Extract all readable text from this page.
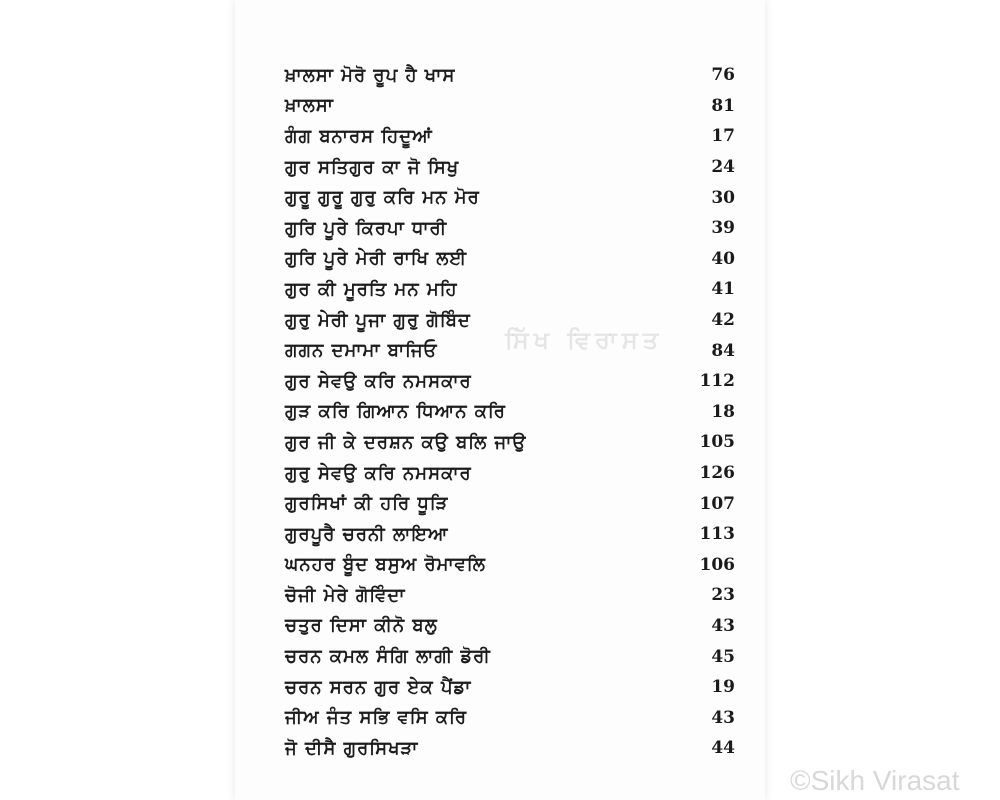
ਖ਼ਾਲਸਾ ਮੋਰੋ ਰੂਪ ਹੈ ਖਾਸ	76
ਖ਼ਾਲਸਾ	81
ਗੰਗ ਬਨਾਰਸ ਹਿਦੂਆਂ	17
ਗੁਰ ਸਤਿਗੁਰ ਕਾ ਜੋ ਸਿਖੁ	24
ਗੁਰੂ ਗੁਰੂ ਗੁਰੁ ਕਰਿ ਮਨ ਮੋਰ	30
ਗੁਰਿ ਪੂਰੇ ਕਿਰਪਾ ਧਾਰੀ	39
ਗੁਰਿ ਪੂਰੇ ਮੇਰੀ ਰਾਖਿ ਲਈ	40
ਗੁਰ ਕੀ ਮੂਰਤਿ ਮਨ ਮਹਿ	41
ਗੁਰੁ ਮੇਰੀ ਪੂਜਾ ਗੁਰੁ ਗੋਬਿੰਦ	42
ਗਗਨ ਦਮਾਮਾ ਬਾਜਿਓ	84
ਗੁਰ ਸੇਵਉ ਕਰਿ ਨਮਸਕਾਰ	112
ਗੁੜ ਕਰਿ ਗਿਆਨ ਧਿਆਨ ਕਰਿ	18
ਗੁਰ ਜੀ ਕੇ ਦਰਸ਼ਨ ਕਉ ਬਲਿ ਜਾਉ	105
ਗੁਰੁ ਸੇਵਉ ਕਰਿ ਨਮਸਕਾਰ	126
ਗੁਰਸਿਖਾਂ ਕੀ ਹਰਿ ਧੂੜਿ	107
ਗੁਰਪੂਰੈ ਚਰਨੀ ਲਾਇਆ	113
ਘਨਹਰ ਬੂੰਦ ਬਸੁਅ ਰੋਮਾਵਲਿ	106
ਚੋਜੀ ਮੇਰੇ ਗੋਵਿੰਦਾ	23
ਚਤੁਰ ਦਿਸਾ ਕੀਨੋ ਬਲੁ	43
ਚਰਨ ਕਮਲ ਸੰਗਿ ਲਾਗੀ ਡੋਰੀ	45
ਚਰਨ ਸਰਨ ਗੁਰ ਏਕ ਪੈਂਡਾ	19
ਜੀਅ ਜੰਤ ਸਭਿ ਵਸਿ ਕਰਿ	43
ਜੋ ਦੀਸੈ ਗੁਰਸਿਖੜਾ	44
ਸਿੱਖ ਵਿਰਾਸਤ
©Sikh Virasat
